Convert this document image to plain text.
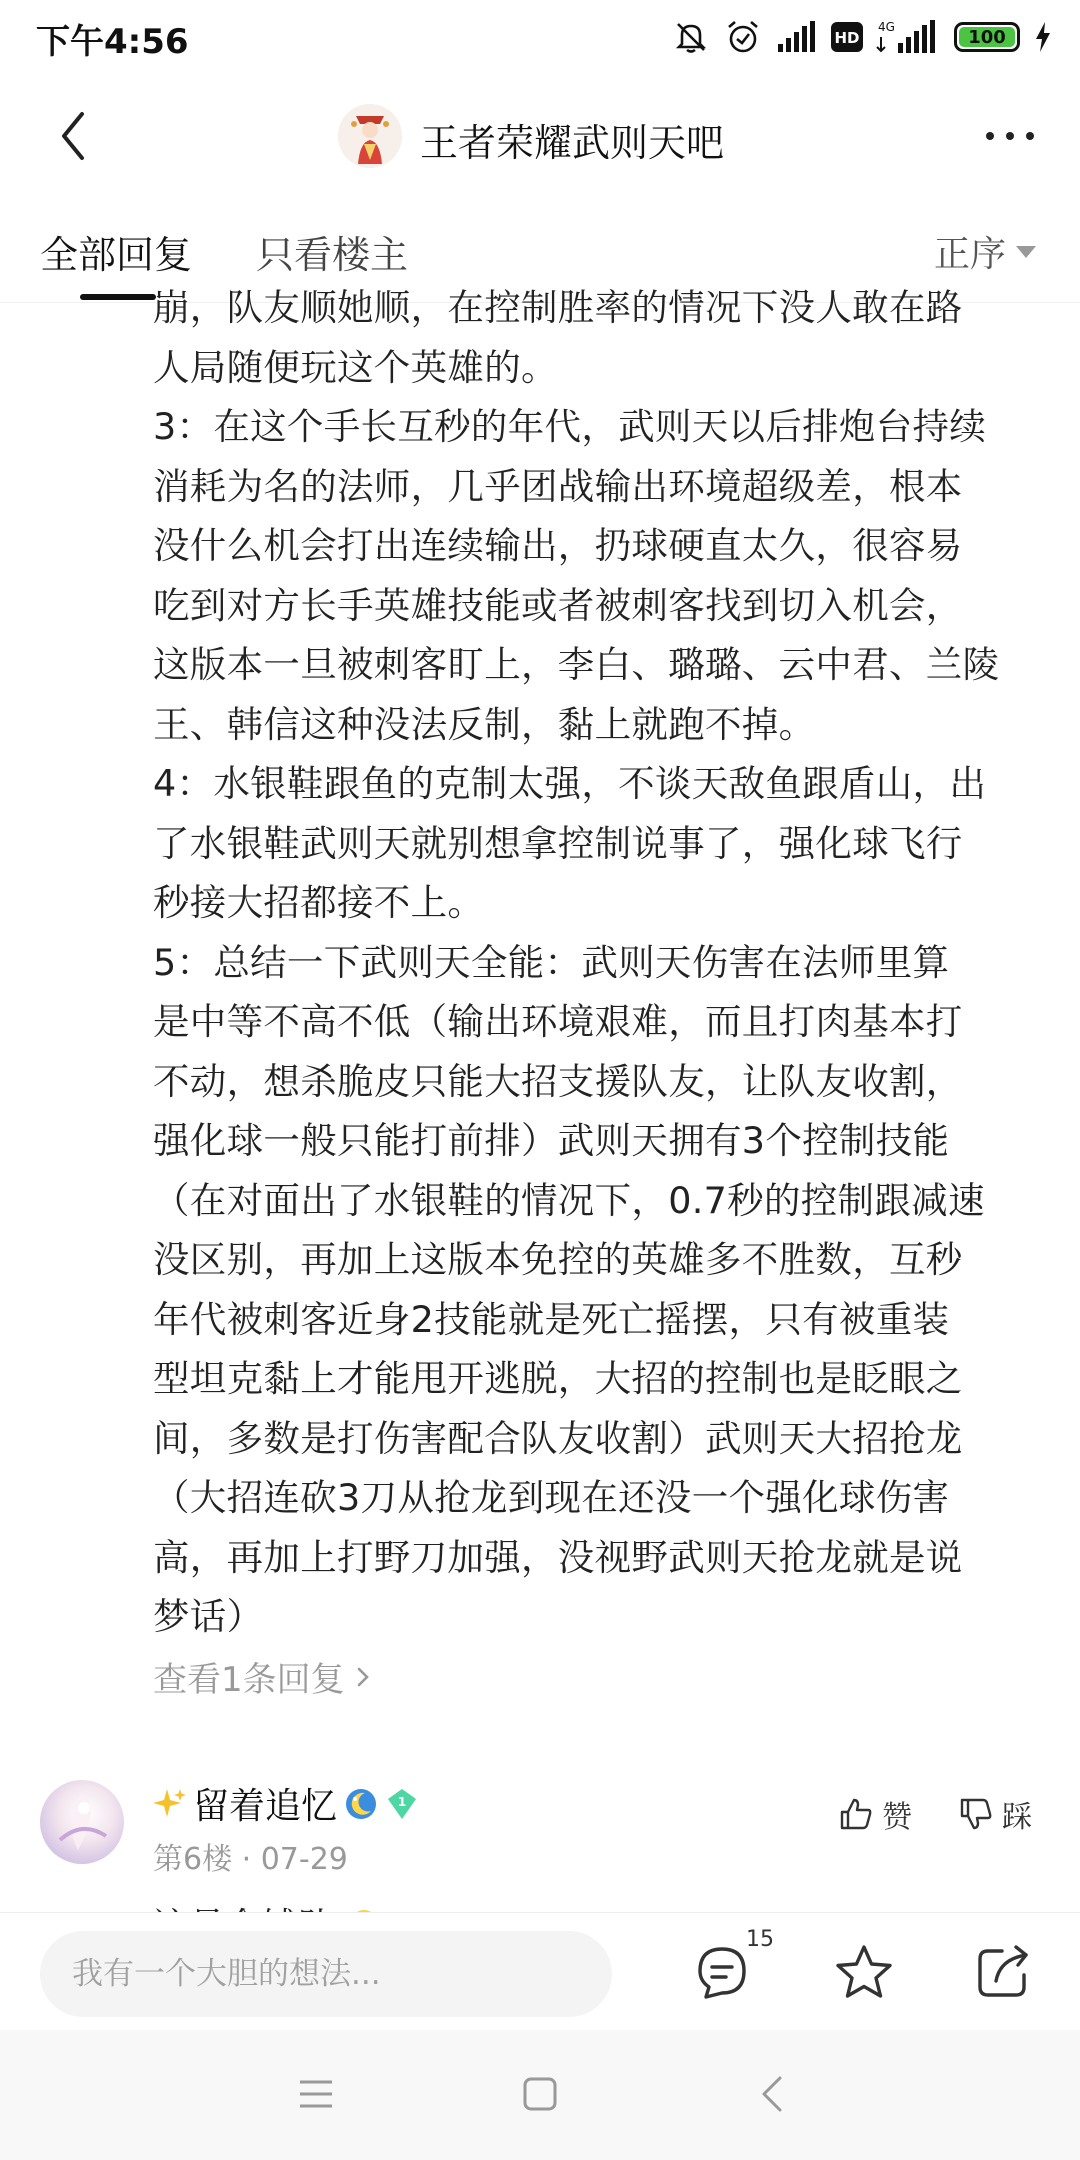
下午4:56	HD
4G	100
王者荣耀武则天吧
全部回复 只看楼主	正序
崩，队友顺她顺，在控制胜率的情况下没人敢在路
人局随便玩这个英雄的。
3：在这个手长互秒的年代，武则天以后排炮台持续
消耗为名的法师，几乎团战输出环境超级差，根本
没什么机会打出连续输出，扔球硬直太久，很容易
吃到对方长手英雄技能或者被刺客找到切入机会，
这版本一旦被刺客盯上，李白、璐璐、云中君、兰陵
王、韩信这种没法反制，黏上就跑不掉。
4：水银鞋跟鱼的克制太强，不谈天敌鱼跟盾山，出
了水银鞋武则天就别想拿控制说事了，强化球飞行
秒接大招都接不上。
5：总结一下武则天全能：武则天伤害在法师里算
是中等不高不低（输出环境艰难，而且打肉基本打
不动，想杀脆皮只能大招支援队友，让队友收割，
强化球一般只能打前排）武则天拥有3个控制技能
（在对面出了水银鞋的情况下，0.7秒的控制跟减速
没区别，再加上这版本免控的英雄多不胜数，互秒
年代被刺客近身2技能就是死亡摇摆，只有被重装
型坦克黏上才能甩开逃脱，大招的控制也是眨眼之
间，多数是打伤害配合队友收割）武则天大招抢龙
（大招连砍3刀从抢龙到现在还没一个强化球伤害
高，再加上打野刀加强，没视野武则天抢龙就是说
梦话）
查看1条回复
留着追忆	1
第6楼 · 07-29
赞	踩
我有一个大胆的想法...
15
